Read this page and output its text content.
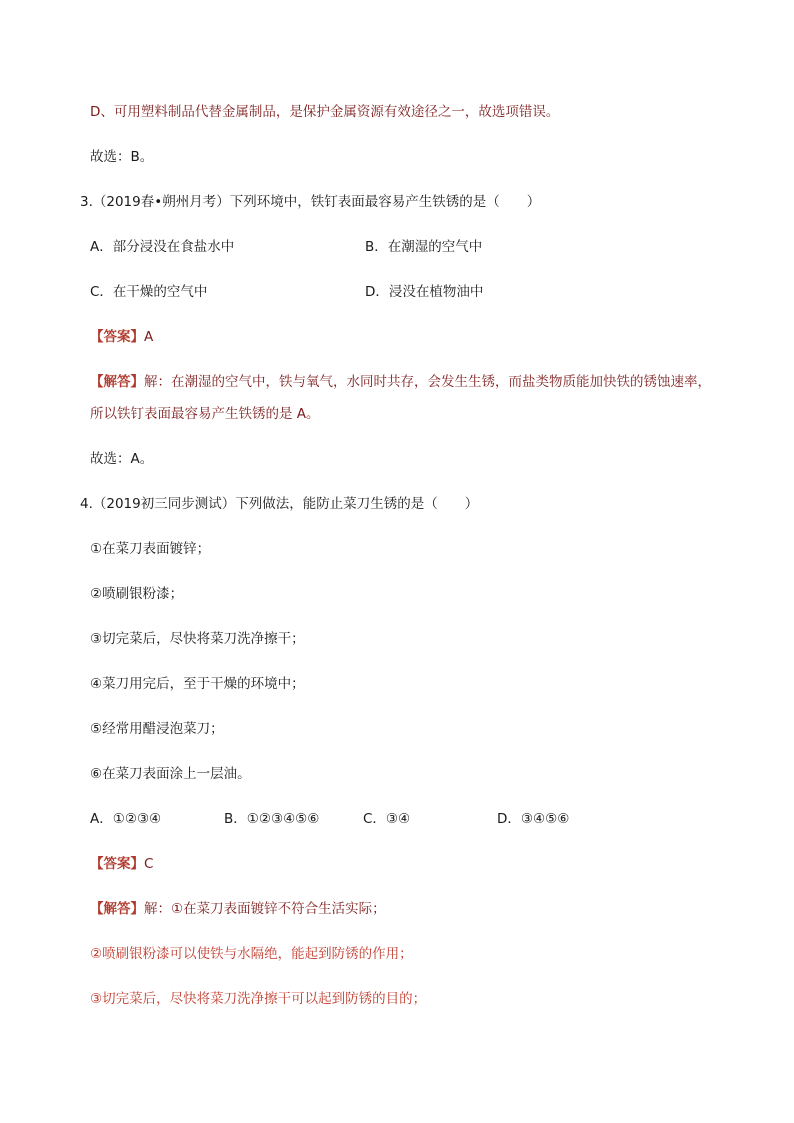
D、可用塑料制品代替金属制品，是保护金属资源有效途径之一，故选项错误。
故选：B。
3.（2019春•朔州月考）下列环境中，铁钉表面最容易产生铁锈的是（　　）
A．部分浸没在食盐水中	B．在潮湿的空气中
C．在干燥的空气中	D．浸没在植物油中
【答案】A
【解答】解：在潮湿的空气中，铁与氧气，水同时共存，会发生生锈，而盐类物质能加快铁的锈蚀速率，
所以铁钉表面最容易产生铁锈的是 A。
故选：A。
4.（2019初三同步测试）下列做法，能防止菜刀生锈的是（　　）
①在菜刀表面镀锌；
②喷刷银粉漆；
③切完菜后，尽快将菜刀洗净擦干；
④菜刀用完后，至于干燥的环境中；
⑤经常用醋浸泡菜刀；
⑥在菜刀表面涂上一层油。
A．①②③④	B．①②③④⑤⑥	C．③④	D．③④⑤⑥
【答案】C
【解答】解：①在菜刀表面镀锌不符合生活实际；
②喷刷银粉漆可以使铁与水隔绝，能起到防锈的作用；
③切完菜后，尽快将菜刀洗净擦干可以起到防锈的目的；
